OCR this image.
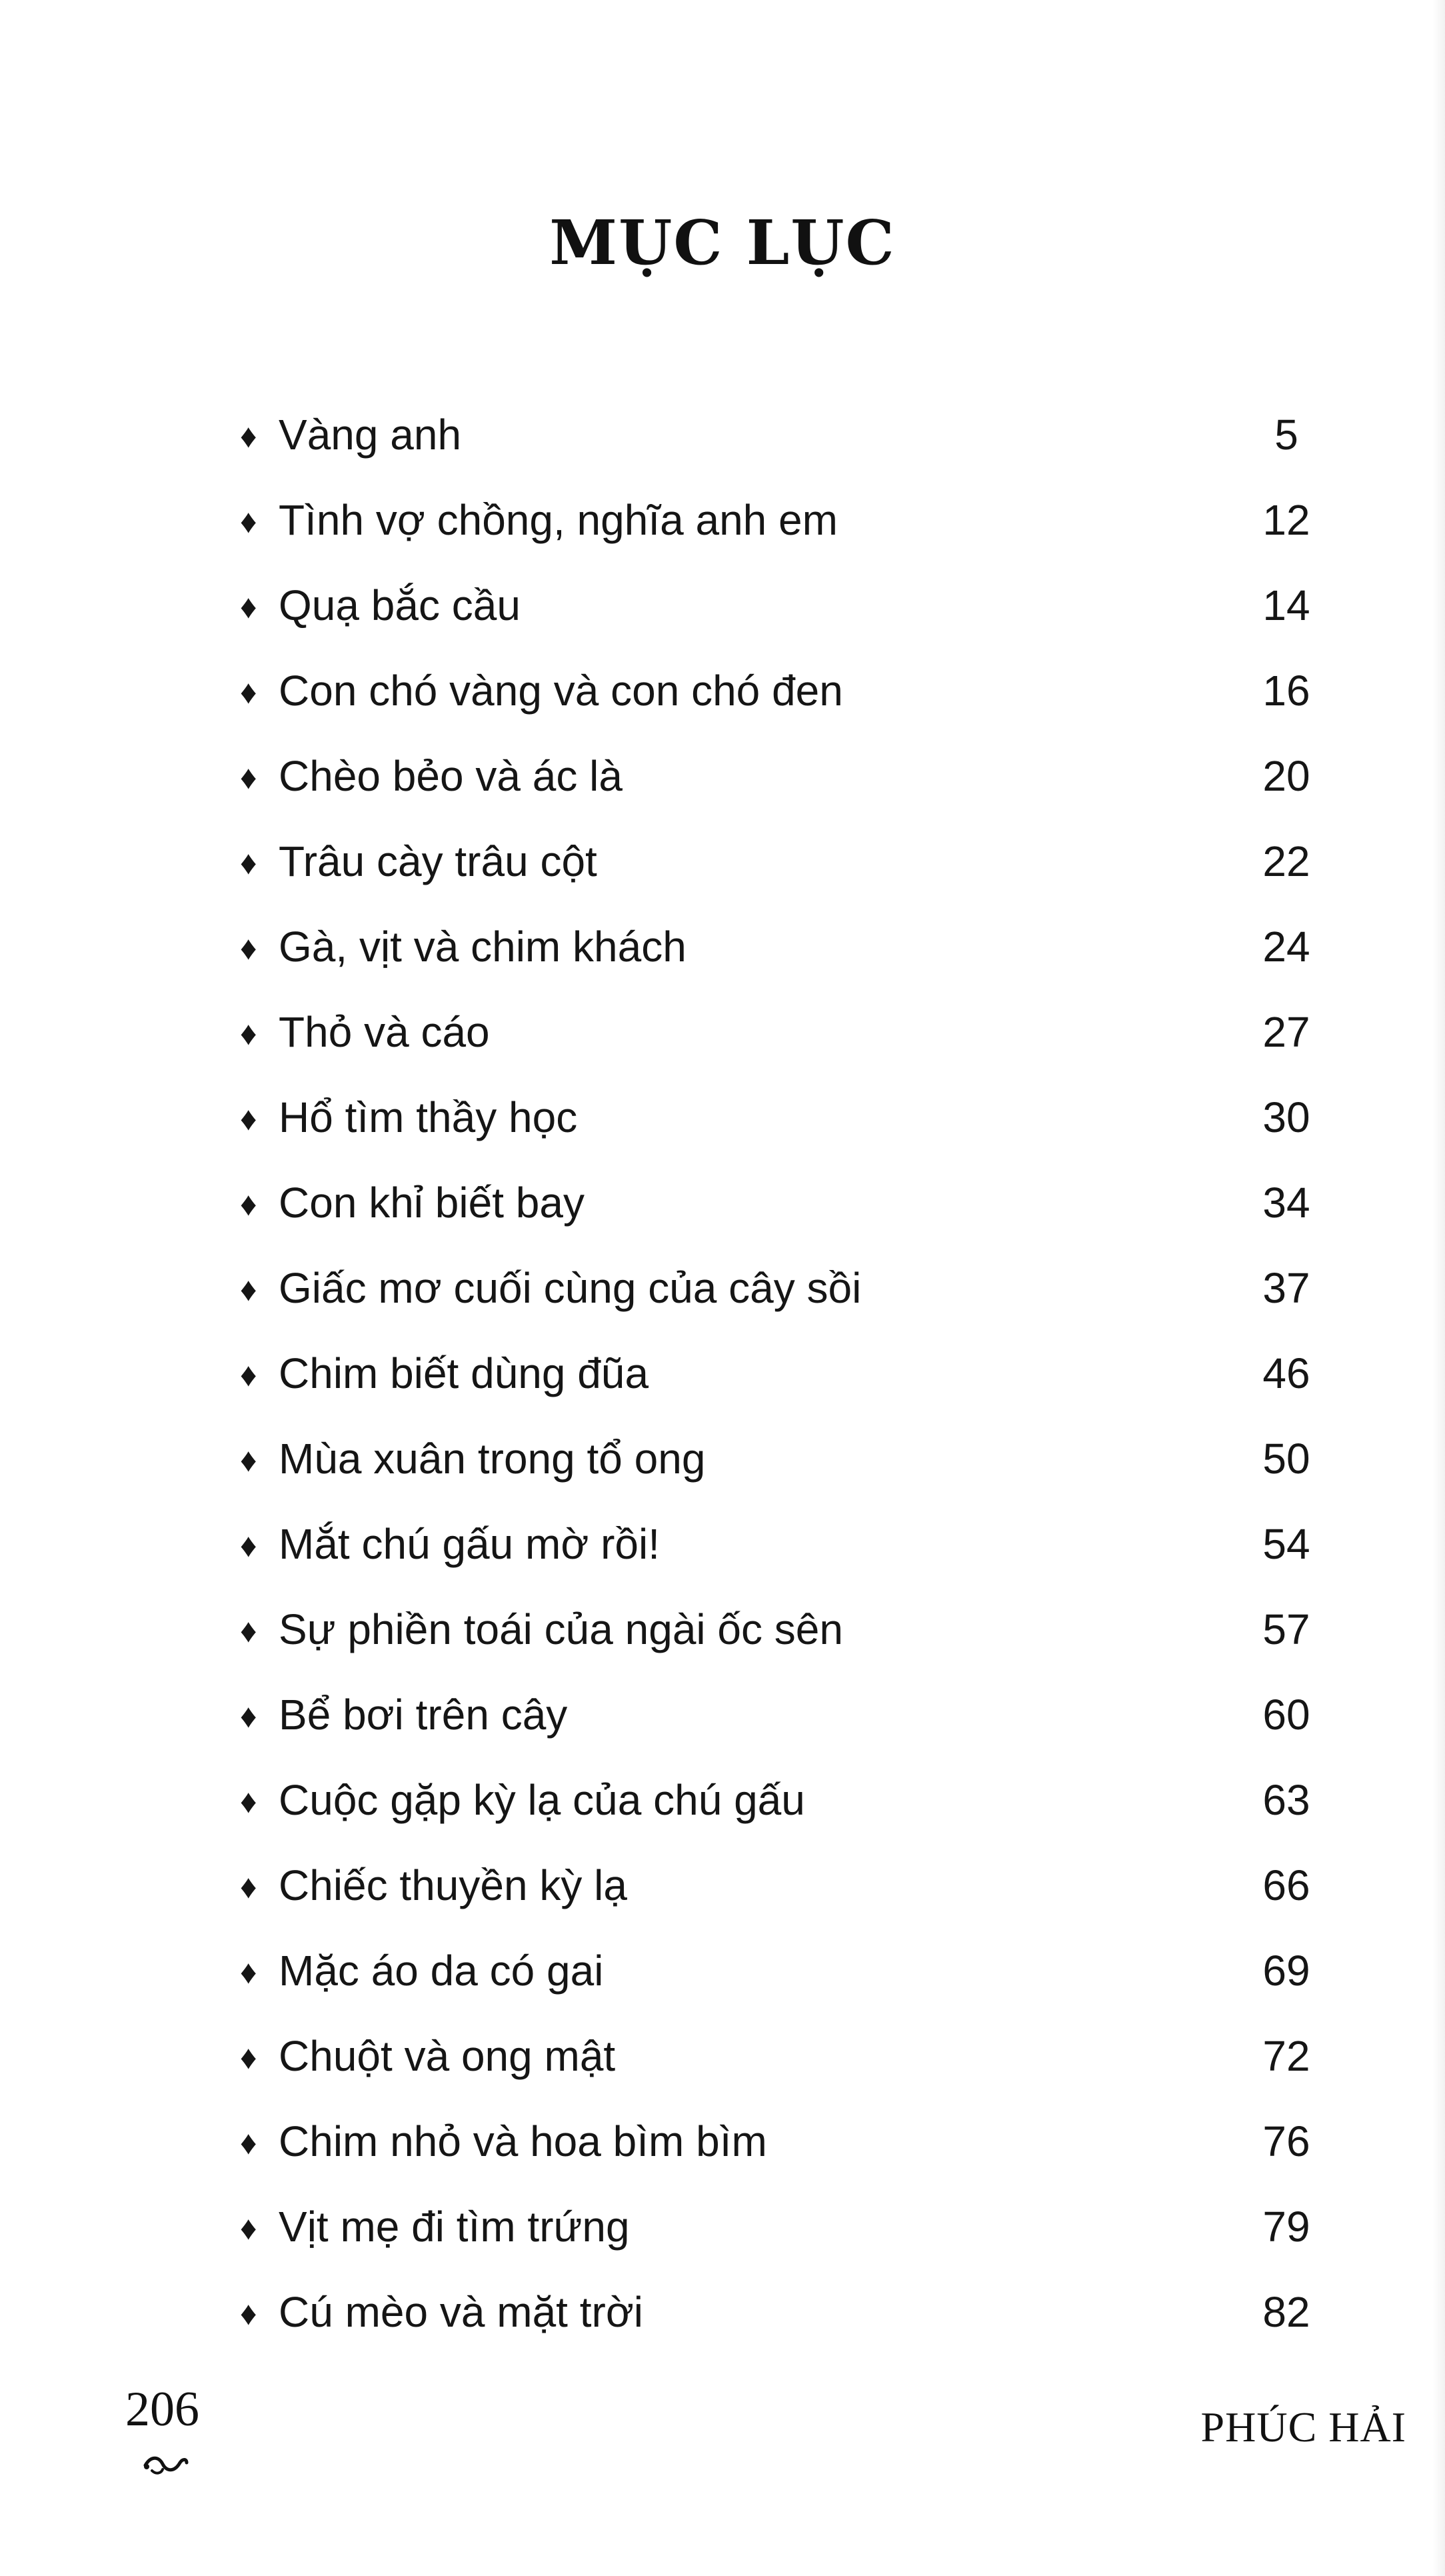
MỤC LỤC
♦ Vàng anh	5
♦ Tình vợ chồng, nghĩa anh em	12
♦ Quạ bắc cầu	14
♦ Con chó vàng và con chó đen	16
♦ Chèo bẻo và ác là	20
♦ Trâu cày trâu cột	22
♦ Gà, vịt và chim khách	24
♦ Thỏ và cáo	27
♦ Hổ tìm thầy học	30
♦ Con khỉ biết bay	34
♦ Giấc mơ cuối cùng của cây sồi	37
♦ Chim biết dùng đũa	46
♦ Mùa xuân trong tổ ong	50
♦ Mắt chú gấu mờ rồi!	54
♦ Sự phiền toái của ngài ốc sên	57
♦ Bể bơi trên cây	60
♦ Cuộc gặp kỳ lạ của chú gấu	63
♦ Chiếc thuyền kỳ lạ	66
♦ Mặc áo da có gai	69
♦ Chuột và ong mật	72
♦ Chim nhỏ và hoa bìm bìm	76
♦ Vịt mẹ đi tìm trứng	79
♦ Cú mèo và mặt trời	82
206	PHÚC HẢI
